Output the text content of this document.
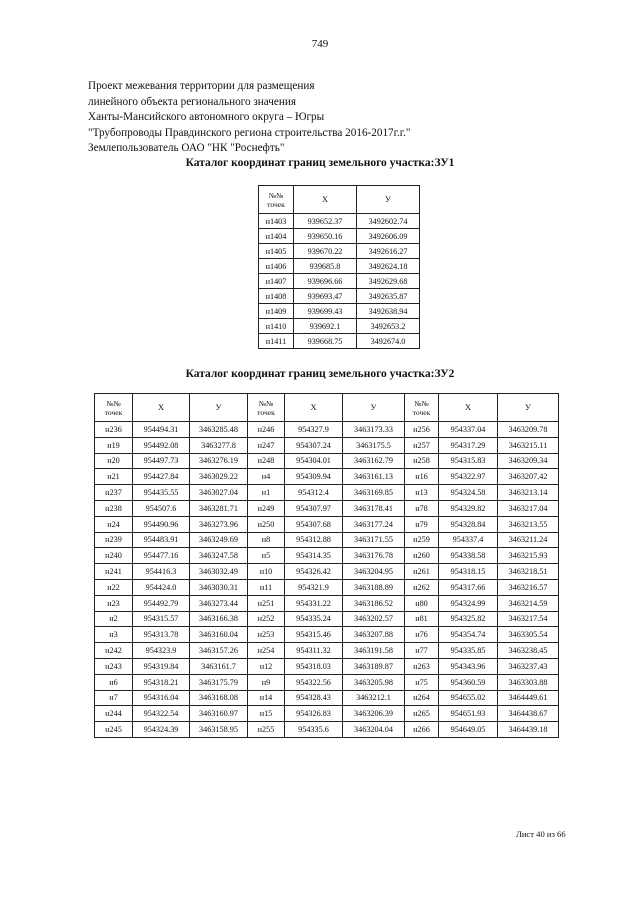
749
Проект межевания территории для размещения
линейного объекта регионального значения
Ханты-Мансийского автономного округа – Югры
"Трубопроводы Правдинского региона строительства 2016-2017г.г."
Землепользователь ОАО "НК "Роснефть"
Каталог координат границ земельного участка:ЗУ1
№№
точек	X	У
н1403	939652.37	3492602.74
н1404	939650.16	3492606.09
н1405	939670.22	3492616.27
н1406	939685.8	3492624.18
н1407	939696.66	3492629.68
н1408	939693.47	3492635.87
н1409	939699.43	3492638.94
н1410	939692.1	3492653.2
н1411	939668.75	3492674.0
Каталог координат границ земельного участка:ЗУ2
№№
точек	X	У	№№
точек	X	У	№№
точек	X	У
н236	954494.31	3463285.48	н246	954327.9	3463173.33	н256	954337.04	3463209.78
н19	954492.08	3463277.8	н247	954307.24	3463175.5	н257	954317.29	3463215.11
н20	954497.73	3463276.19	н248	954304.01	3463162.79	н258	954315.83	3463209.34
н21	954427.84	3463029.22	н4	954309.94	3463161.13	н16	954322.97	3463207.42
н237	954435.55	3463027.04	н1	954312.4	3463169.85	н13	954324.58	3463213.14
н238	954507.6	3463281.71	н249	954307.97	3463178.41	н78	954329.82	3463217.04
н24	954490.96	3463273.96	н250	954307.68	3463177.24	н79	954328.84	3463213.55
н239	954483.91	3463249.69	н8	954312.88	3463171.55	н259	954337.4	3463211.24
н240	954477.16	3463247.58	н5	954314.35	3463176.78	н260	954338.58	3463215.93
н241	954416.3	3463032.49	н10	954326.42	3463204.95	н261	954318.15	3463218.51
н22	954424.0	3463030.31	н11	954321.9	3463188.89	н262	954317.66	3463216.57
н23	954492.79	3463273.44	н251	954331.22	3463186.52	н80	954324.99	3463214.59
н2	954315.57	3463166.38	н252	954335.24	3463202.57	н81	954325.82	3463217.54
н3	954313.78	3463160.04	н253	954315.46	3463207.88	н76	954354.74	3463305.54
н242	954323.9	3463157.26	н254	954311.32	3463191.58	н77	954335.85	3463238.45
н243	954319.84	3463161.7	н12	954318.03	3463189.87	н263	954343.96	3463237.43
н6	954318.21	3463175.79	н9	954322.56	3463205.98	н75	954360.59	3463303.88
н7	954316.04	3463168.08	н14	954328.43	3463212.1	н264	954655.02	3464449.61
н244	954322.54	3463160.97	н15	954326.83	3463206.39	н265	954651.93	3464438.67
н245	954324.39	3463158.95	н255	954335.6	3463204.04	н266	954649.05	3464439.18
Лист 40 из 66
